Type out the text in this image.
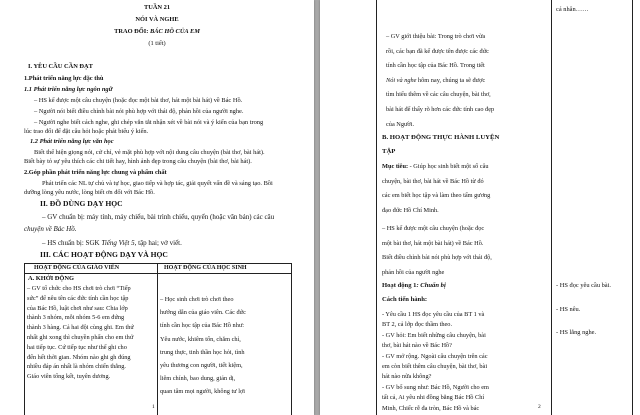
TUẦN 21
NÓI VÀ NGHE
TRAO ĐỔI: BÁC HỒ CỦA EM
(1 tiết)
I. YÊU CẦU CẦN ĐẠT
1.Phát triển năng lực đặc thù
1.1 Phát triển năng lực ngôn ngữ
– HS kể được một câu chuyện (hoặc đọc một bài thơ, hát một bài hát) về Bác Hồ.
– Người nói biết điều chỉnh bài nói phù hợp với thái độ, phản hồi của người nghe.
– Người nghe biết cách nghe, ghi chép vắn tắt nhận xét về bài nói và ý kiến của bạn trong
lúc trao đổi để đặt câu hỏi hoặc phát biểu ý kiến.
1.2 Phát triển năng lực văn học
Biết thể hiện giọng nói, cử chỉ, vẻ mặt phù hợp với nội dung câu chuyện (bài thơ, bài hát).
Biết bày tỏ sự yêu thích các chi tiết hay, hình ảnh đẹp trong câu chuyện (bài thơ, bài hát).
2.Góp phần phát triển năng lực chung và phẩm chất
Phát triển các NL tự chủ và tự học, giao tiếp và hợp tác, giải quyết vấn đề và sáng tạo. Bồi
dưỡng lòng yêu nước, lòng biết ơn đối với Bác Hồ.
II. ĐỒ DÙNG DẠY HỌC
– GV chuẩn bị: máy tính, máy chiếu, bài trình chiếu, quyển (hoặc văn bản) các câu
chuyện về Bác Hồ.
– HS chuẩn bị: SGK Tiếng Việt 5, tập hai; vở viết.
III. CÁC HOẠT ĐỘNG DẠY VÀ HỌC
HOẠT ĐỘNG CỦA GIÁO VIÊN	HOẠT ĐỘNG CỦA HỌC SINH
A. KHỞI ĐỘNG
– GV tổ chức cho HS chơi trò chơi “Tiếp
sức” để nêu tên các đức tính cần học tập
của Bác Hồ, luật chơi như sau: Chia lớp
thành 3 nhóm, mỗi nhóm 5-6 em đứng
thành 3 hàng. Cả hai đội cùng ghi. Em thứ
nhất ghi xong thì chuyền phấn cho em thứ
hai tiếp tục. Cứ tiếp tục như thế ghi cho
đến hết thời gian. Nhóm nào ghi gh đúng
nhiều đáp án nhất là nhóm chiến thắng.
Giáo viên tổng kết, tuyên dương.
– Học sinh chơi trò chơi theo
hướng dẫn của giáo viên. Các đức
tính cần học tập của Bác Hồ như:
Yêu nước, khiêm tốn, chăm chỉ,
trung thực, tinh thần học hỏi, tình
yêu thương con người, tiết kiệm,
liêm chính, bao dung, giản dị,
quan tâm mọi người, không tư lợi
1
cá nhân……
– GV giới thiệu bài: Trong trò chơi vừa
rồi, các bạn đã kể được tên được các đức
tính cần học tập của Bác Hồ. Trong tiết
Nói và nghe hôm nay, chúng ta sẽ được
tìm hiểu thêm về các câu chuyện, bài thơ,
bài hát để thấy rõ hơn các đức tính cao đẹp
của Người.
B. HOẠT ĐỘNG THỰC HÀNH LUYỆN
TẬP
Mục tiêu: - Giúp học sinh biết một số câu
chuyện, bài thơ, bài hát về Bác Hồ từ đó
các em biết học tập và làm theo tấm gương
đạo đức Hồ Chí Minh.
– HS kể được một câu chuyện (hoặc đọc
một bài thơ, hát một bài hát) về Bác Hồ.
Biết điều chỉnh bài nói phù hợp với thái độ,
phản hồi của người nghe
Hoạt động 1: Chuẩn bị
Cách tiến hành:
- Yêu cầu 1 HS đọc yêu cầu của BT 1 và
BT 2, cả lớp đọc thầm theo.
- GV hỏi: Em biết những câu chuyện, bài
thơ, bài hát nào về Bác Hồ?
- GV mở rộng. Ngoài câu chuyện trên các
em còn biết thêm câu chuyện, bài thơ, bài
hát nào nữa không?
- GV bổ sung như: Bác Hồ, Người cho em
tất cả, Ai yêu nhi đồng bằng Bác Hồ Chí
Minh, Chiếc rễ đa tròn, Bác Hồ và bác
- HS đọc yêu cầu bài.
- HS nêu.
- HS lắng nghe.
2
